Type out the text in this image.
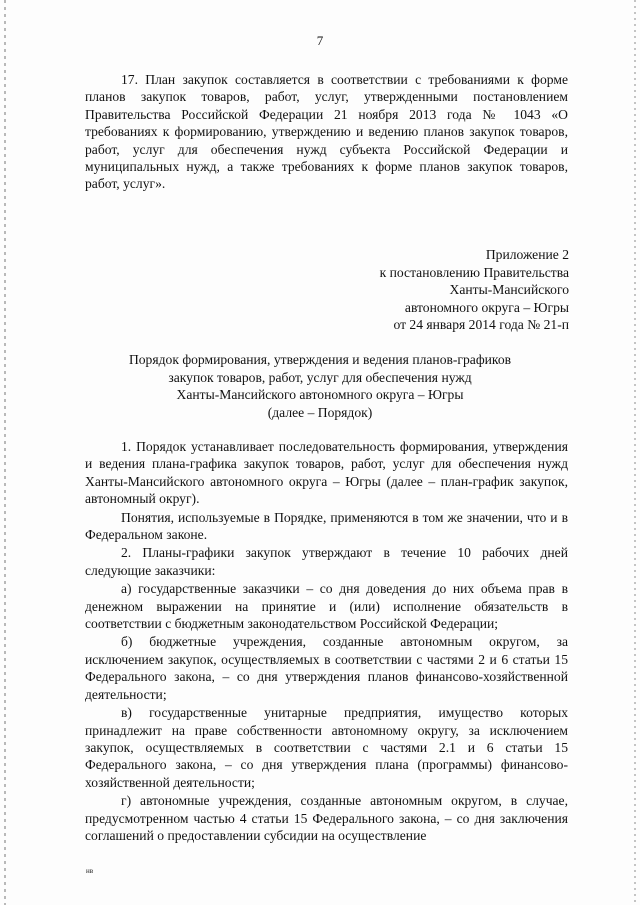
7

17. План закупок составляется в соответствии с требованиями к форме планов закупок товаров, работ, услуг, утвержденными постановлением Правительства Российской Федерации 21 ноября 2013 года № 1043 «О требованиях к формированию, утверждению и ведению планов закупок товаров, работ, услуг для обеспечения нужд субъекта Российской Федерации и муниципальных нужд, а также требованиях к форме планов закупок товаров, работ, услуг».

Приложение 2
к постановлению Правительства
Ханты-Мансийского
автономного округа – Югры
от 24 января 2014 года № 21-п
Порядок формирования, утверждения и ведения планов-графиков
закупок товаров, работ, услуг для обеспечения нужд
Ханты-Мансийского автономного округа – Югры
(далее – Порядок)

1. Порядок устанавливает последовательность формирования, утверждения и ведения плана-графика закупок товаров, работ, услуг для обеспечения нужд Ханты-Мансийского автономного округа – Югры (далее – план-график закупок, автономный округ).

Понятия, используемые в Порядке, применяются в том же значении, что и в Федеральном законе.

2. Планы-графики закупок утверждают в течение 10 рабочих дней следующие заказчики:

а) государственные заказчики – со дня доведения до них объема прав в денежном выражении на принятие и (или) исполнение обязательств в соответствии с бюджетным законодательством Российской Федерации;

б) бюджетные учреждения, созданные автономным округом, за исключением закупок, осуществляемых в соответствии с частями 2 и 6 статьи 15 Федерального закона, – со дня утверждения планов финансово-хозяйственной деятельности;

в) государственные унитарные предприятия, имущество которых принадлежит на праве собственности автономному округу, за исключением закупок, осуществляемых в соответствии с частями 2.1 и 6 статьи 15 Федерального закона, – со дня утверждения плана (программы) финансово-хозяйственной деятельности;

г) автономные учреждения, созданные автономным округом, в случае, предусмотренном частью 4 статьи 15 Федерального закона, – со дня заключения соглашений о предоставлении субсидии на осуществление

нв
